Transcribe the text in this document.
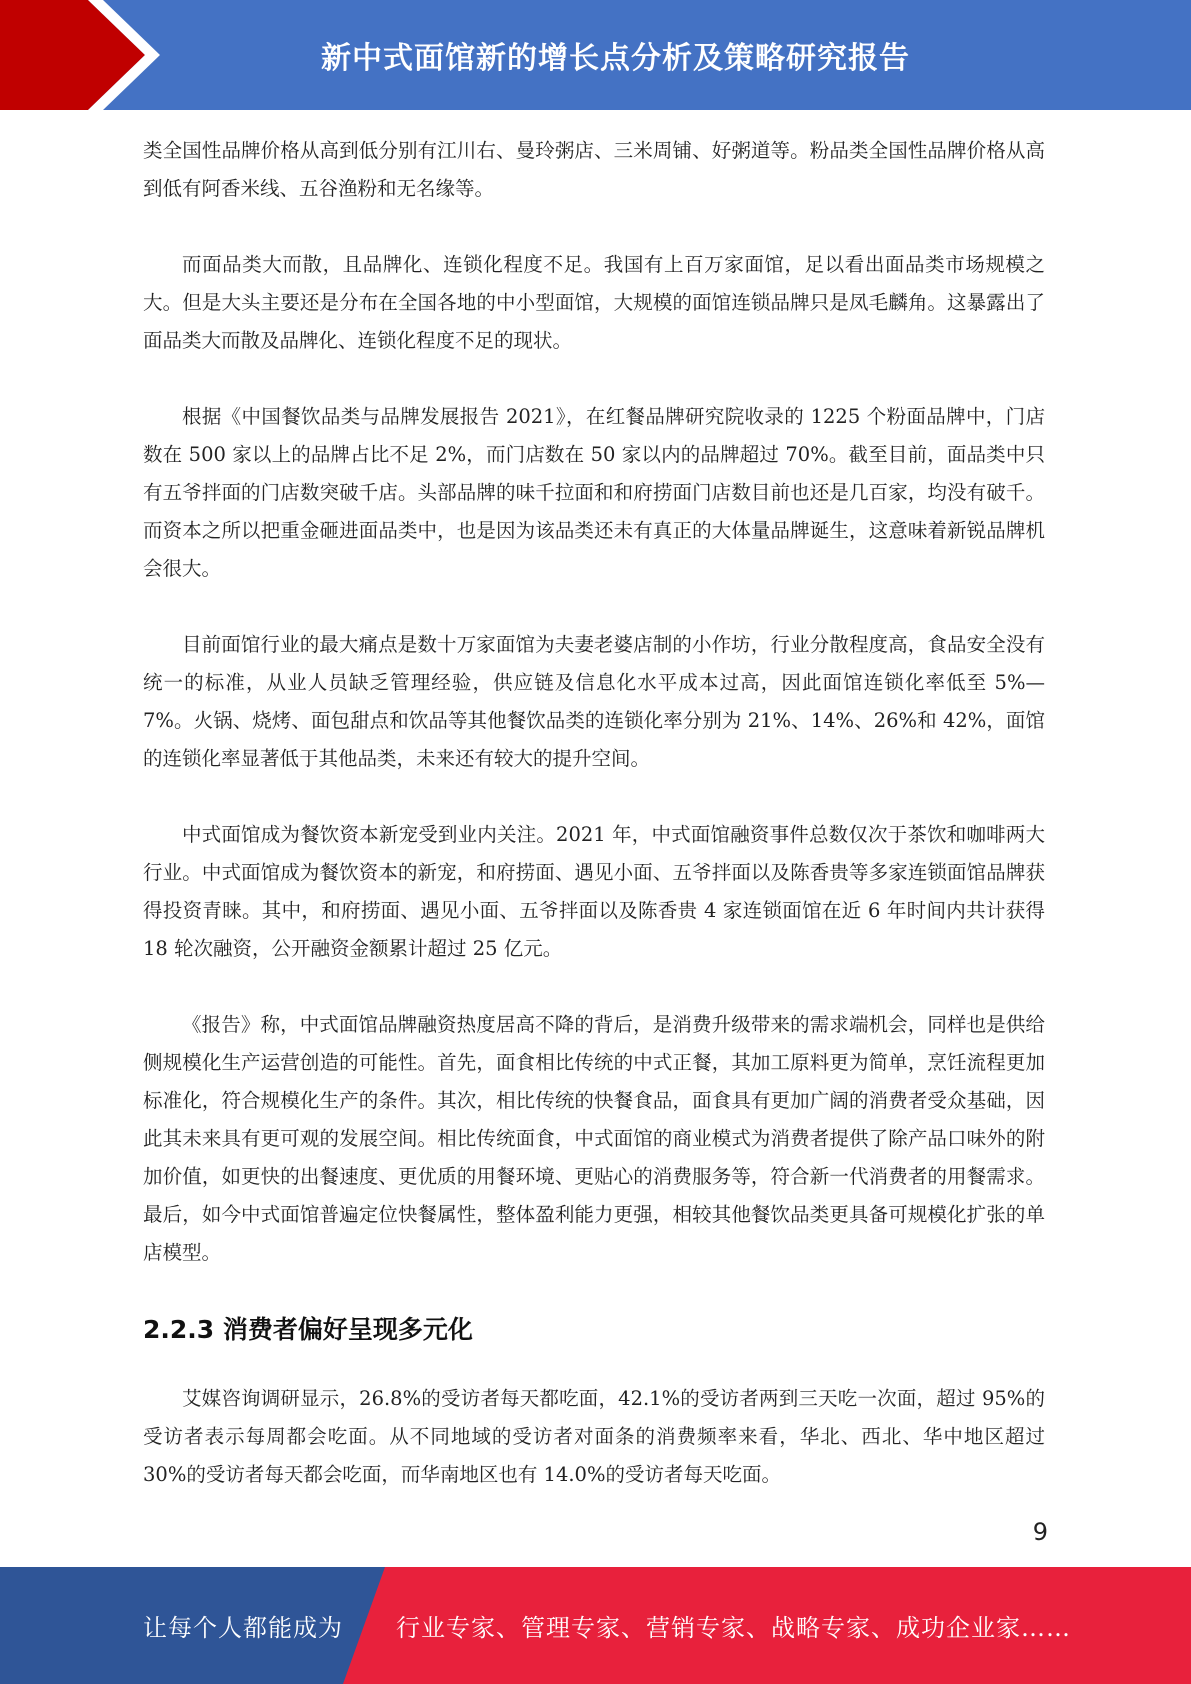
新中式面馆新的增长点分析及策略研究报告

类全国性品牌价格从高到低分别有江川右、曼玲粥店、三米周铺、好粥道等。粉品类全国性品牌价格从高到低有阿香米线、五谷渔粉和无名缘等。

而面品类大而散，且品牌化、连锁化程度不足。我国有上百万家面馆，足以看出面品类市场规模之大。但是大头主要还是分布在全国各地的中小型面馆，大规模的面馆连锁品牌只是凤毛麟角。这暴露出了面品类大而散及品牌化、连锁化程度不足的现状。

根据《中国餐饮品类与品牌发展报告 2021》，在红餐品牌研究院收录的 1225 个粉面品牌中，门店数在 500 家以上的品牌占比不足 2%，而门店数在 50 家以内的品牌超过 70%。截至目前，面品类中只有五爷拌面的门店数突破千店。头部品牌的味千拉面和和府捞面门店数目前也还是几百家，均没有破千。而资本之所以把重金砸进面品类中，也是因为该品类还未有真正的大体量品牌诞生，这意味着新锐品牌机会很大。

目前面馆行业的最大痛点是数十万家面馆为夫妻老婆店制的小作坊，行业分散程度高，食品安全没有统一的标准，从业人员缺乏管理经验，供应链及信息化水平成本过高，因此面馆连锁化率低至 5%—7%。火锅、烧烤、面包甜点和饮品等其他餐饮品类的连锁化率分别为 21%、14%、26%和 42%，面馆的连锁化率显著低于其他品类，未来还有较大的提升空间。

中式面馆成为餐饮资本新宠受到业内关注。2021 年，中式面馆融资事件总数仅次于茶饮和咖啡两大行业。中式面馆成为餐饮资本的新宠，和府捞面、遇见小面、五爷拌面以及陈香贵等多家连锁面馆品牌获得投资青睐。其中，和府捞面、遇见小面、五爷拌面以及陈香贵 4 家连锁面馆在近 6 年时间内共计获得 18 轮次融资，公开融资金额累计超过 25 亿元。

《报告》称，中式面馆品牌融资热度居高不降的背后，是消费升级带来的需求端机会，同样也是供给侧规模化生产运营创造的可能性。首先，面食相比传统的中式正餐，其加工原料更为简单，烹饪流程更加标准化，符合规模化生产的条件。其次，相比传统的快餐食品，面食具有更加广阔的消费者受众基础，因此其未来具有更可观的发展空间。相比传统面食，中式面馆的商业模式为消费者提供了除产品口味外的附加价值，如更快的出餐速度、更优质的用餐环境、更贴心的消费服务等，符合新一代消费者的用餐需求。最后，如今中式面馆普遍定位快餐属性，整体盈利能力更强，相较其他餐饮品类更具备可规模化扩张的单店模型。

2.2.3 消费者偏好呈现多元化

艾媒咨询调研显示，26.8%的受访者每天都吃面，42.1%的受访者两到三天吃一次面，超过 95%的受访者表示每周都会吃面。从不同地域的受访者对面条的消费频率来看，华北、西北、华中地区超过 30%的受访者每天都会吃面，而华南地区也有 14.0%的受访者每天吃面。

9
让每个人都能成为 行业专家、管理专家、营销专家、战略专家、成功企业家……
